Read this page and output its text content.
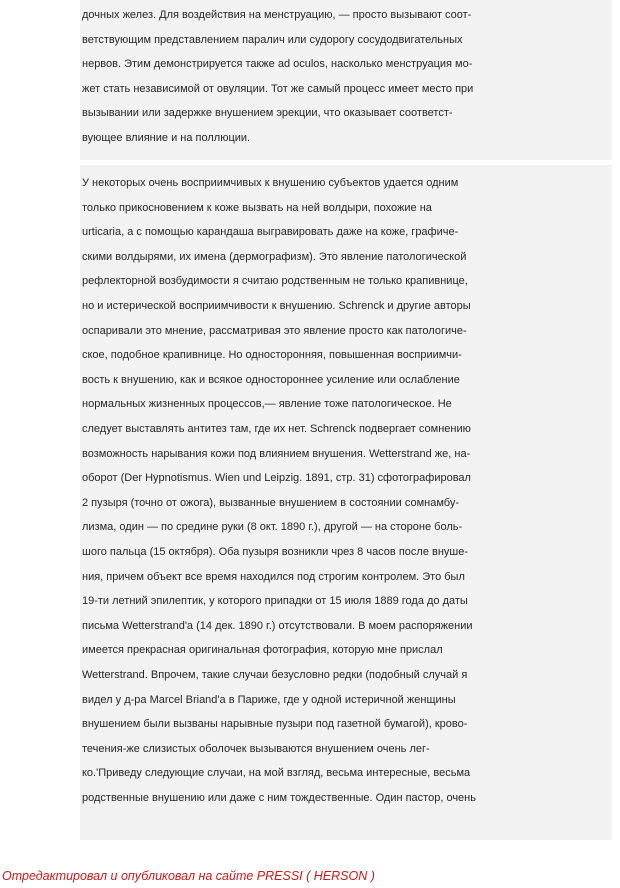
дочных желез. Для воздействия на менструацию, — просто вызывают соот-
ветствующим представлением паралич или судорогу сосудодвигательных
нервов. Этим демонстрируется также ad oculos, насколько менструация мо-
жет стать независимой от овуляции. Тот же самый процесс имеет место при
вызывании или задержке внушением эрекции, что оказывает соответст-
вующее влияние и на поллюции.
У некоторых очень восприимчивых к внушению субъектов удается одним
только прикосновением к коже вызвать на ней волдыри, похожие на
urticaria, а с помощью карандаша выгравировать даже на коже, графиче-
скими волдырями, их имена (дермографизм). Это явление патологической
рефлекторной возбудимости я считаю родственным не только крапивнице,
но и истерической восприимчивости к внушению. Schrenck и другие авторы
оспаривали это мнение, рассматривая это явление просто как патологиче-
ское, подобное крапивнице. Но односторонняя, повышенная восприимчи-
вость к внушению, как и всякое одностороннее усиление или ослабление
нормальных жизненных процессов,— явление тоже патологическое. Не
следует выставлять антитез там, где их нет. Schrenck подвергает сомнению
возможность нарывания кожи под влиянием внушения. Wetterstrand же, на-
оборот (Der Hypnotismus. Wien und Leipzig. 1891, стр. 31) сфотографировал
2 пузыря (точно от ожога), вызванные внушением в состоянии сомнамбу-
лизма, один — по средине руки (8 окт. 1890 г.), другой — на стороне боль-
шого пальца (15 октября). Оба пузыря возникли чрез 8 часов после внуше-
ния, причем объект все время находился под строгим контролем. Это был
19-ти летний эпилептик, у которого припадки от 15 июля 1889 года до даты
письма Wetterstrand'a (14 дек. 1890 г.) отсутствовали. В моем распоряжении
имеется прекрасная оригинальная фотография, которую мне прислал
Wetterstrand. Впрочем, такие случаи безусловно редки (подобный случай я
видел у д-ра Marcel Briand'a в Париже, где у одной истеричной женщины
внушением были вызваны нарывные пузыри под газетной бумагой), крово-
течения-же слизистых оболочек вызываются внушением очень лег-
ко.'Приведу следующие случаи, на мой взгляд, весьма интересные, весьма
родственные внушению или даже с ним тождественные. Один пастор, очень
Отредактировал и опубликовал на сайте PRESSI ( HERSON )
